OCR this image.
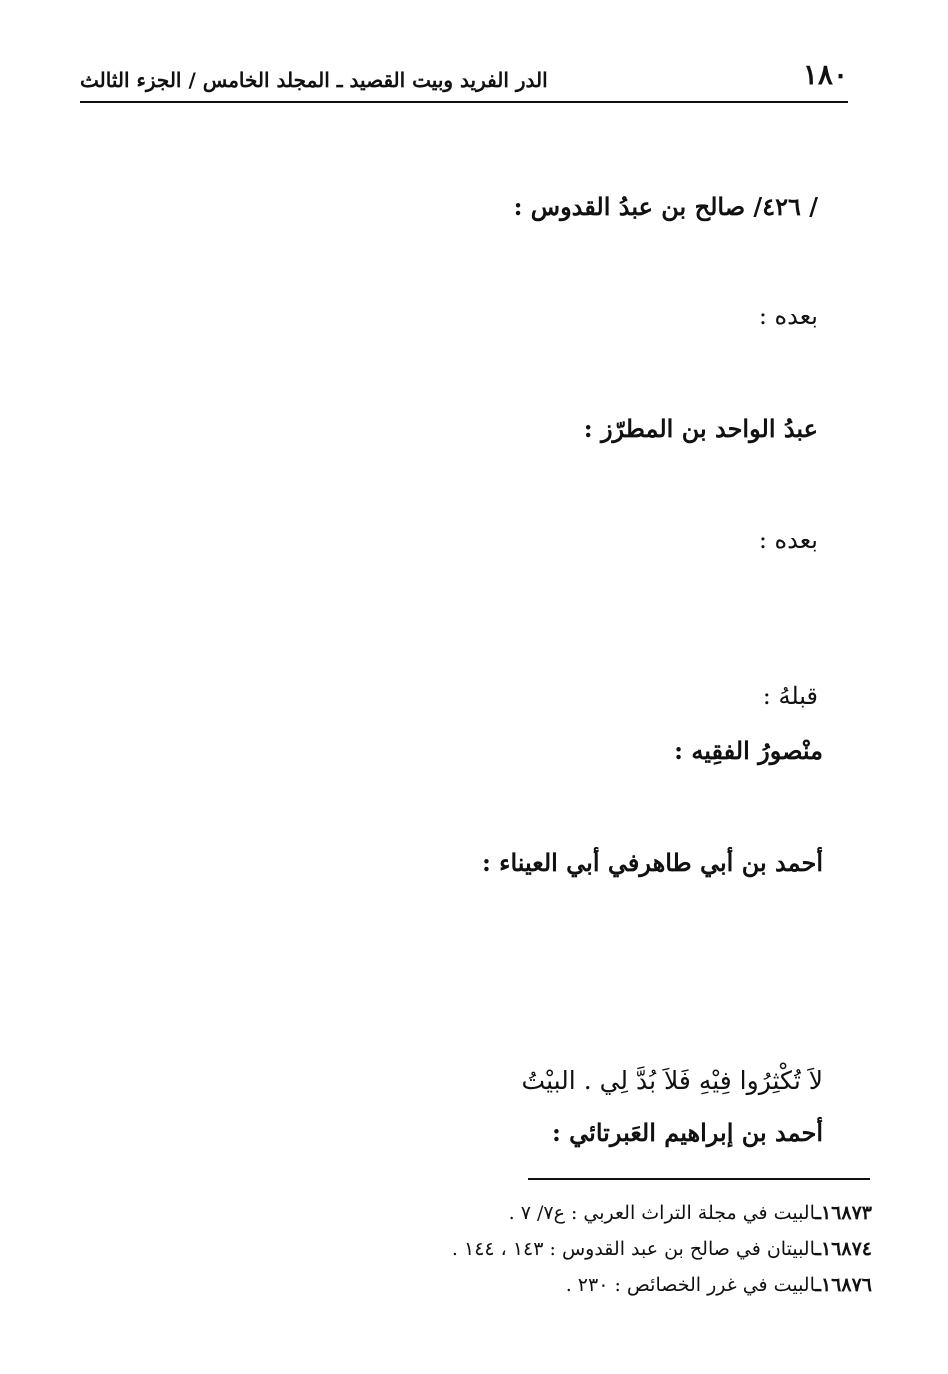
١٨٠
الدر الفريد وبيت القصيد ـ المجلد الخامس / الجزء الثالث
/ ٤٢٦/ صالح بن عبدُ القدوس :
بعده :
عبدُ الواحد بن المطرّز :
بعده :
قبلهُ :
منْصورُ الفقِيه :
أحمد بن أبي طاهرفي أبي العيناء :
لاَ تُكْثِرُوا فِيْهِ فَلاَ بُدَّ لِي . البيْتُ
أحمد بن إبراهيم العَبرتائي :
١٦٨٧٣ـالبيت في مجلة التراث العربي : ع٧/ ٧ .
١٦٨٧٤ـالبيتان في صالح بن عبد القدوس : ١٤٣ ، ١٤٤ .
١٦٨٧٦ـالبيت في غرر الخصائص : ٢٣٠ .
